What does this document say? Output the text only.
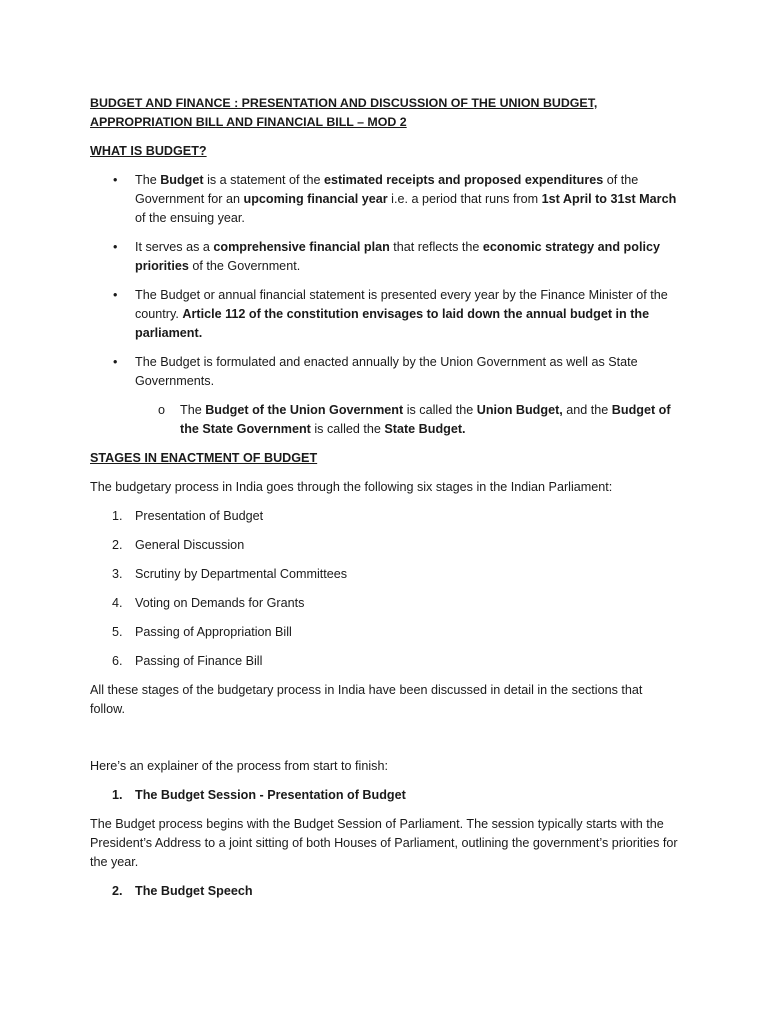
BUDGET AND FINANCE : PRESENTATION AND DISCUSSION OF THE UNION BUDGET, APPROPRIATION BILL AND FINANCIAL BILL – MOD 2
WHAT IS BUDGET?
• The Budget is a statement of the estimated receipts and proposed expenditures of the Government for an upcoming financial year i.e. a period that runs from 1st April to 31st March of the ensuing year.
• It serves as a comprehensive financial plan that reflects the economic strategy and policy priorities of the Government.
• The Budget or annual financial statement is presented every year by the Finance Minister of the country. Article 112 of the constitution envisages to laid down the annual budget in the parliament.
• The Budget is formulated and enacted annually by the Union Government as well as State Governments.
o The Budget of the Union Government is called the Union Budget, and the Budget of the State Government is called the State Budget.
STAGES IN ENACTMENT OF BUDGET

The budgetary process in India goes through the following six stages in the Indian Parliament:

1. Presentation of Budget
2. General Discussion
3. Scrutiny by Departmental Committees
4. Voting on Demands for Grants
5. Passing of Appropriation Bill
6. Passing of Finance Bill

All these stages of the budgetary process in India have been discussed in detail in the sections that follow.

Here’s an explainer of the process from start to finish:

1. The Budget Session - Presentation of Budget

The Budget process begins with the Budget Session of Parliament. The session typically starts with the President’s Address to a joint sitting of both Houses of Parliament, outlining the government’s priorities for the year.

2. The Budget Speech
